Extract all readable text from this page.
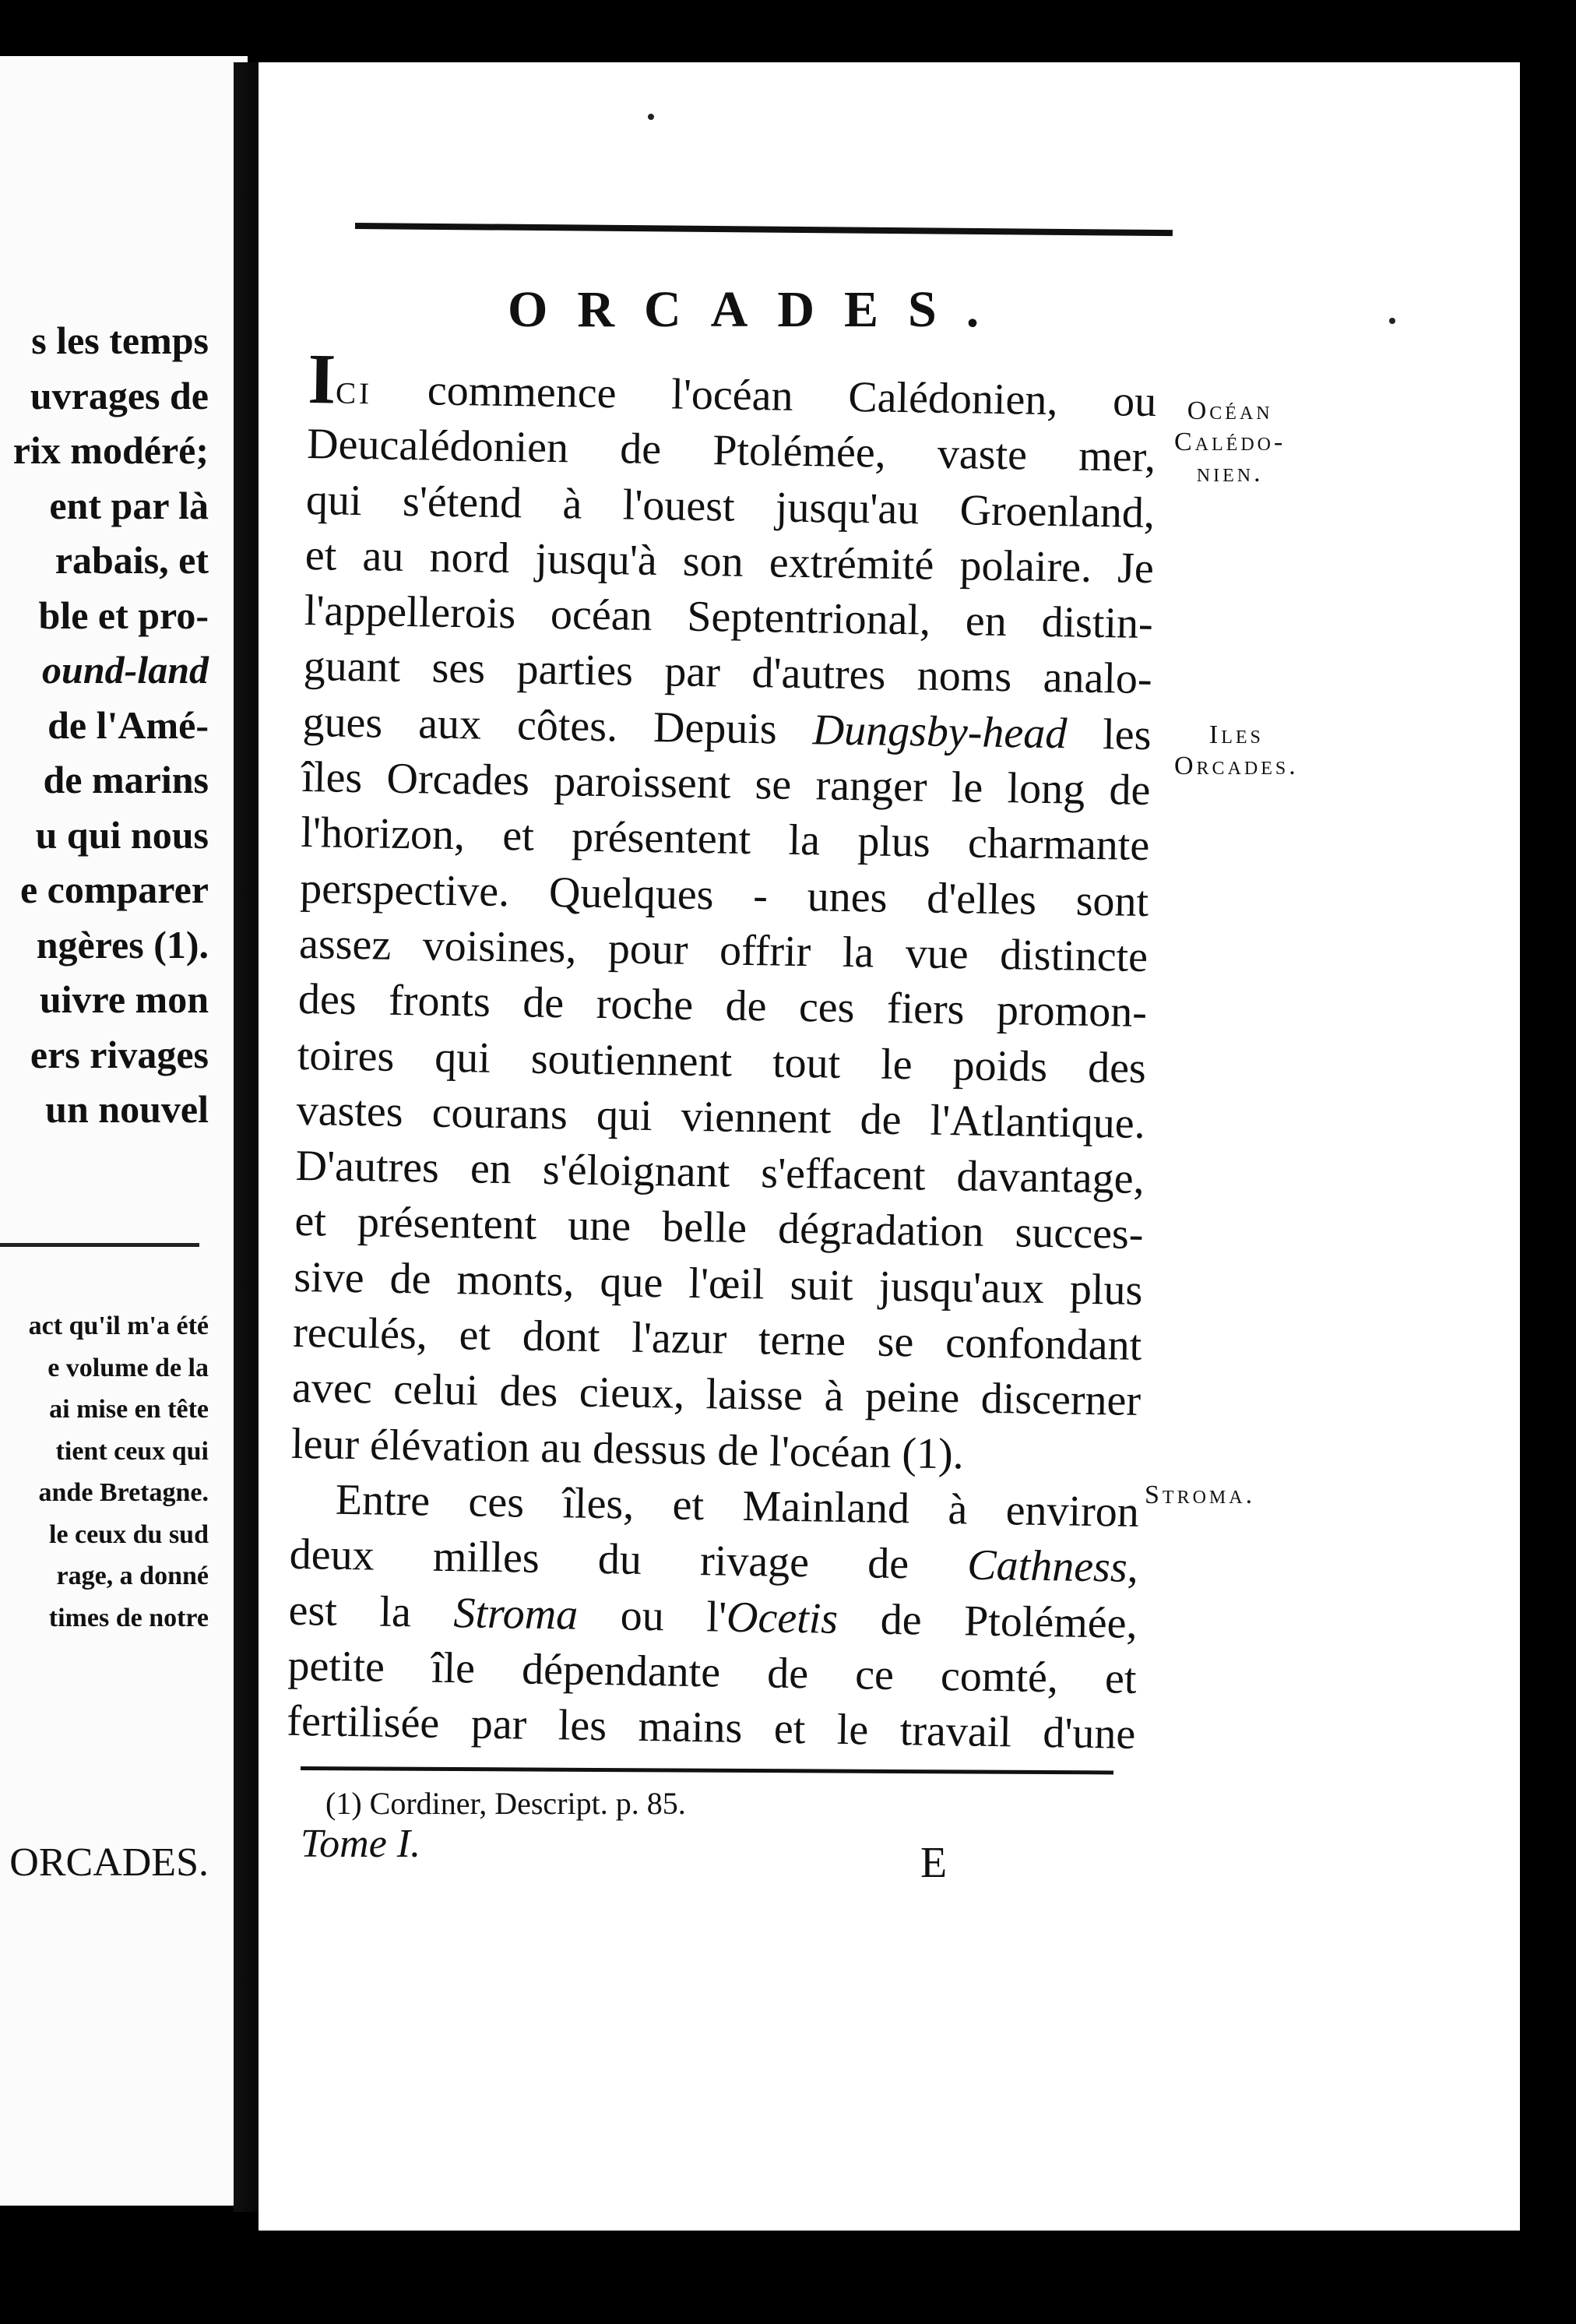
s les temps
uvrages de
rix modéré;
ent par là
rabais, et
ble et pro-
ound-land
de l'Amé-
de marins
u qui nous
e comparer
ngères (1).
uivre mon
ers rivages
un nouvel
act qu'il m'a été
e volume de la
ai mise en tête
tient ceux qui
ande Bretagne.
le ceux du sud
rage, a donné
times de notre
ORCADES.
ORCADES.
Ici commence l'océan Calédonien, ou
Deucalédonien de Ptolémée, vaste mer,
qui s'étend à l'ouest jusqu'au Groenland,
et au nord jusqu'à son extrémité polaire. Je
l'appellerois océan Septentrional, en distin-
guant ses parties par d'autres noms analo-
gues aux côtes. Depuis Dungsby-head les
îles Orcades paroissent se ranger le long de
l'horizon, et présentent la plus charmante
perspective. Quelques - unes d'elles sont
assez voisines, pour offrir la vue distincte
des fronts de roche de ces fiers promon-
toires qui soutiennent tout le poids des
vastes courans qui viennent de l'Atlantique.
D'autres en s'éloignant s'effacent davantage,
et présentent une belle dégradation succes-
sive de monts, que l'œil suit jusqu'aux plus
reculés, et dont l'azur terne se confondant
avec celui des cieux, laisse à peine discerner
leur élévation au dessus de l'océan (1).
Entre ces îles, et Mainland à environ
deux milles du rivage de Cathness,
est la Stroma ou l'Ocetis de Ptolémée,
petite île dépendante de ce comté, et
fertilisée par les mains et le travail d'une
Océan
Calédo-
nien.
Iles
Orcades.
Stroma.
(1) Cordiner, Descript. p. 85.
Tome I.	E
